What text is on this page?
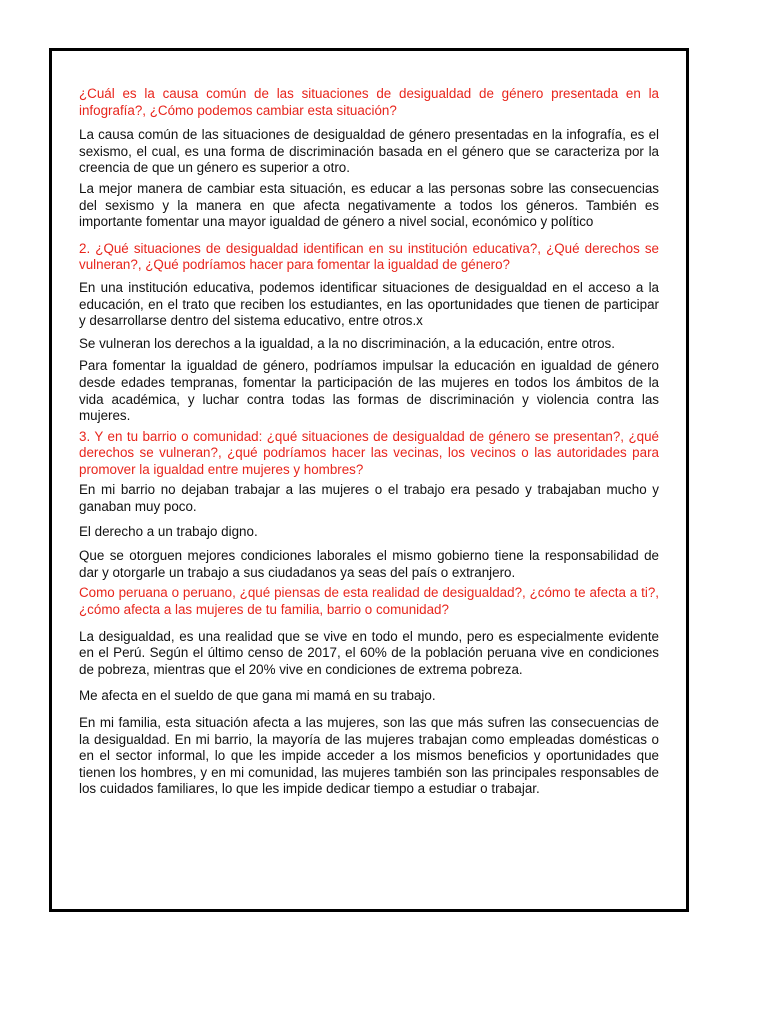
¿Cuál es la causa común de las situaciones de desigualdad de género presentada en la infografía?, ¿Cómo podemos cambiar esta situación?

La causa común de las situaciones de desigualdad de género presentadas en la infografía, es el sexismo, el cual, es una forma de discriminación basada en el género que se caracteriza por la creencia de que un género es superior a otro.

La mejor manera de cambiar esta situación, es educar a las personas sobre las consecuencias del sexismo y la manera en que afecta negativamente a todos los géneros. También es importante fomentar una mayor igualdad de género a nivel social, económico y político

2. ¿Qué situaciones de desigualdad identifican en su institución educativa?, ¿Qué derechos se vulneran?, ¿Qué podríamos hacer para fomentar la igualdad de género?

En una institución educativa, podemos identificar situaciones de desigualdad en el acceso a la educación, en el trato que reciben los estudiantes, en las oportunidades que tienen de participar y desarrollarse dentro del sistema educativo, entre otros.x

Se vulneran los derechos a la igualdad, a la no discriminación, a la educación, entre otros.

Para fomentar la igualdad de género, podríamos impulsar la educación en igualdad de género desde edades tempranas, fomentar la participación de las mujeres en todos los ámbitos de la vida académica, y luchar contra todas las formas de discriminación y violencia contra las mujeres.

3. Y en tu barrio o comunidad: ¿qué situaciones de desigualdad de género se presentan?, ¿qué derechos se vulneran?, ¿qué podríamos hacer las vecinas, los vecinos o las autoridades para promover la igualdad entre mujeres y hombres?

En mi barrio no dejaban trabajar a las mujeres o el trabajo era pesado y trabajaban mucho y ganaban muy poco.

El derecho a un trabajo digno.

Que se otorguen mejores condiciones laborales el mismo gobierno tiene la responsabilidad de dar y otorgarle un trabajo a sus ciudadanos ya seas del país o extranjero.

Como peruana o peruano, ¿qué piensas de esta realidad de desigualdad?, ¿cómo te afecta a ti?, ¿cómo afecta a las mujeres de tu familia, barrio o comunidad?

La desigualdad, es una realidad que se vive en todo el mundo, pero es especialmente evidente en el Perú. Según el último censo de 2017, el 60% de la población peruana vive en condiciones de pobreza, mientras que el 20% vive en condiciones de extrema pobreza.

Me afecta en el sueldo de que gana mi mamá en su trabajo.

En mi familia, esta situación afecta a las mujeres, son las que más sufren las consecuencias de la desigualdad. En mi barrio, la mayoría de las mujeres trabajan como empleadas domésticas o en el sector informal, lo que les impide acceder a los mismos beneficios y oportunidades que tienen los hombres, y en mi comunidad, las mujeres también son las principales responsables de los cuidados familiares, lo que les impide dedicar tiempo a estudiar o trabajar.
